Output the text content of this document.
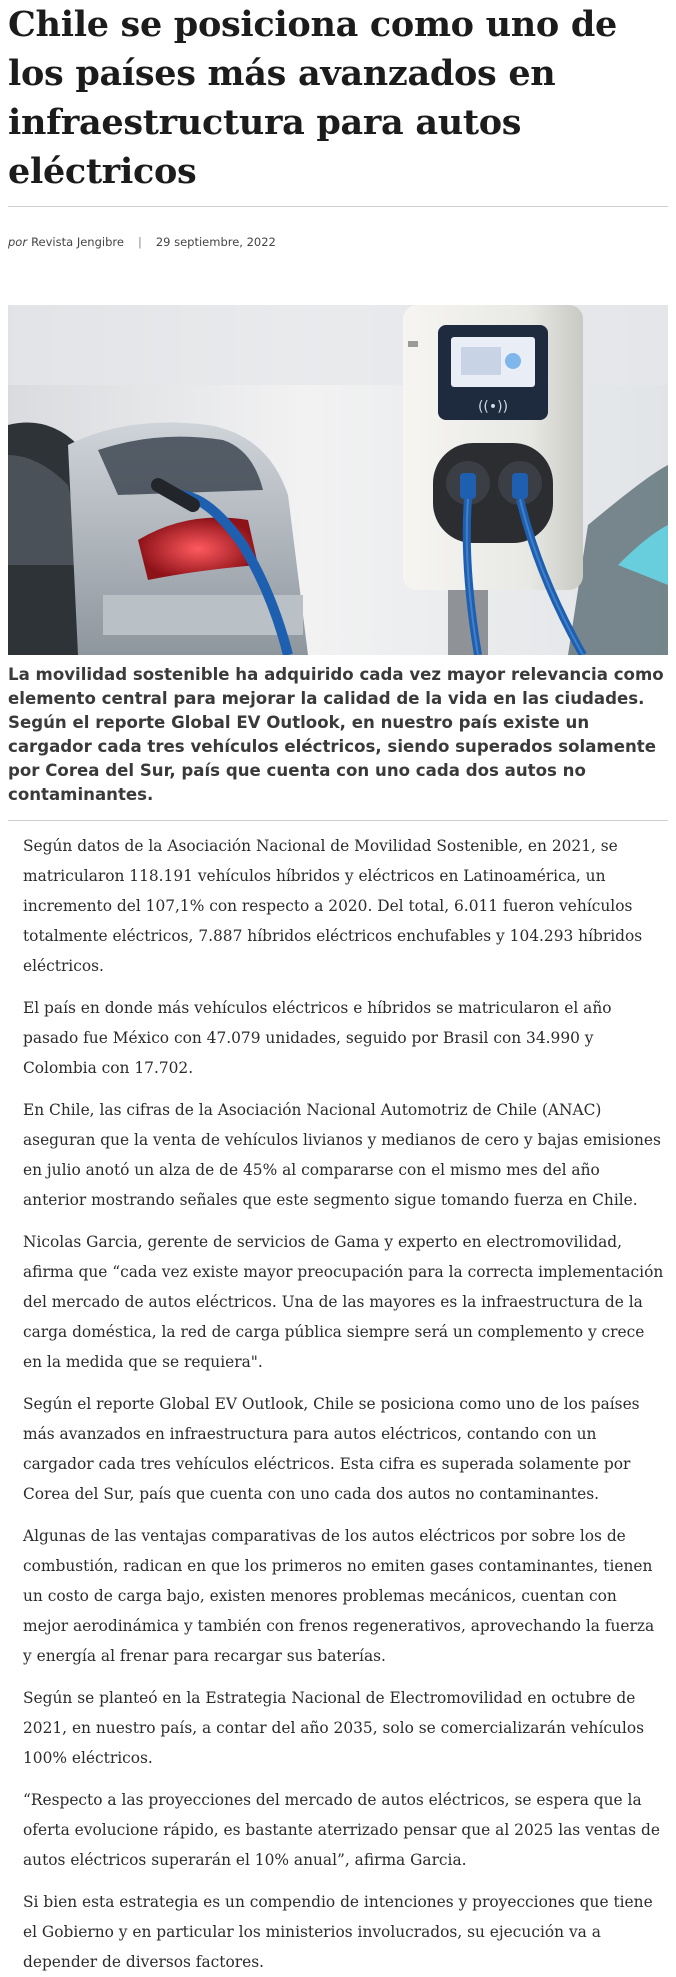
Chile se posiciona como uno de los países más avanzados en infraestructura para autos eléctricos
por Revista Jengibre | 29 septiembre, 2022
((•))

La movilidad sostenible ha adquirido cada vez mayor relevancia como elemento central para mejorar la calidad de la vida en las ciudades. Según el reporte Global EV Outlook, en nuestro país existe un cargador cada tres vehículos eléctricos, siendo superados solamente por Corea del Sur, país que cuenta con uno cada dos autos no contaminantes.

Según datos de la Asociación Nacional de Movilidad Sostenible, en 2021, se matricularon 118.191 vehículos híbridos y eléctricos en Latinoamérica, un incremento del 107,1% con respecto a 2020. Del total, 6.011 fueron vehículos totalmente eléctricos, 7.887 híbridos eléctricos enchufables y 104.293 híbridos eléctricos.

El país en donde más vehículos eléctricos e híbridos se matricularon el año pasado fue México con 47.079 unidades, seguido por Brasil con 34.990 y Colombia con 17.702.

En Chile, las cifras de la Asociación Nacional Automotriz de Chile (ANAC) aseguran que la venta de vehículos livianos y medianos de cero y bajas emisiones en julio anotó un alza de de 45% al compararse con el mismo mes del año anterior mostrando señales que este segmento sigue tomando fuerza en Chile.

Nicolas Garcia, gerente de servicios de Gama y experto en electromovilidad, afirma que “cada vez existe mayor preocupación para la correcta implementación del mercado de autos eléctricos. Una de las mayores es la infraestructura de la carga doméstica, la red de carga pública siempre será un complemento y crece en la medida que se requiera".

Según el reporte Global EV Outlook, Chile se posiciona como uno de los países más avanzados en infraestructura para autos eléctricos, contando con un cargador cada tres vehículos eléctricos. Esta cifra es superada solamente por Corea del Sur, país que cuenta con uno cada dos autos no contaminantes.

Algunas de las ventajas comparativas de los autos eléctricos por sobre los de combustión, radican en que los primeros no emiten gases contaminantes, tienen un costo de carga bajo, existen menores problemas mecánicos, cuentan con mejor aerodinámica y también con frenos regenerativos, aprovechando la fuerza y energía al frenar para recargar sus baterías.

Según se planteó en la Estrategia Nacional de Electromovilidad en octubre de 2021, en nuestro país, a contar del año 2035, solo se comercializarán vehículos 100% eléctricos.

“Respecto a las proyecciones del mercado de autos eléctricos, se espera que la oferta evolucione rápido, es bastante aterrizado pensar que al 2025 las ventas de autos eléctricos superarán el 10% anual”, afirma Garcia.

Si bien esta estrategia es un compendio de intenciones y proyecciones que tiene el Gobierno y en particular los ministerios involucrados, su ejecución va a depender de diversos factores.
